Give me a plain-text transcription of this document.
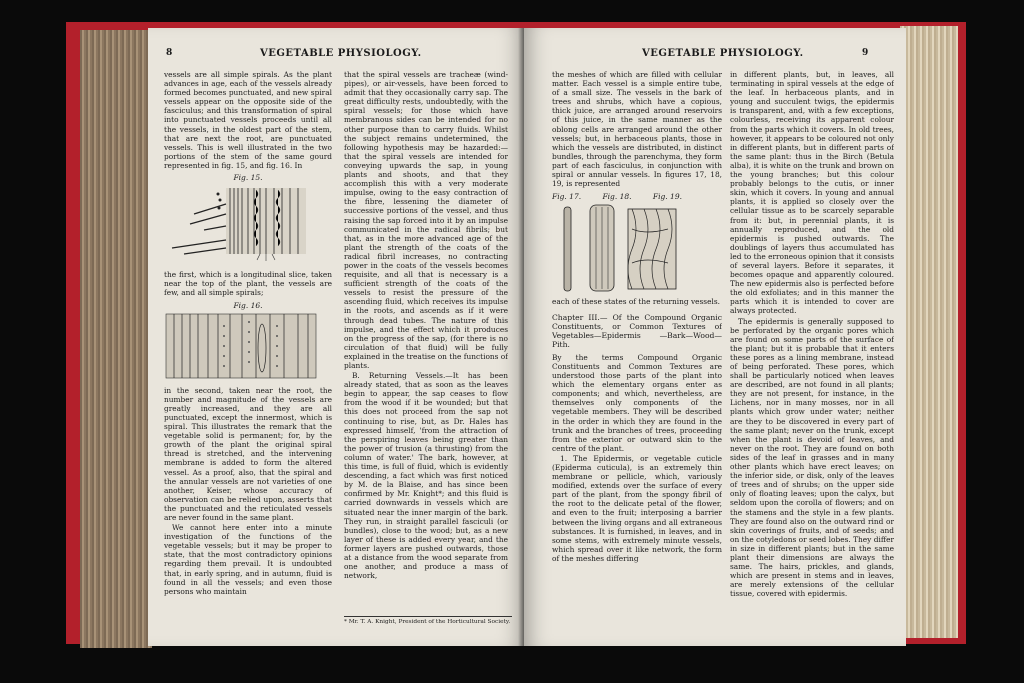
8	VEGETABLE PHYSIOLOGY.

vessels are all simple spirals. As the plant advances in age, each of the vessels already formed becomes punctuated, and new spiral vessels appear on the opposite side of the fasciculus; and this transformation of spiral into punctuated vessels proceeds until all the vessels, in the oldest part of the stem, that are next the root, are punctuated vessels. This is well illustrated in the two portions of the stem of the same gourd represented in fig. 15, and fig. 16. In

Fig. 15.

the first, which is a longitudinal slice, taken near the top of the plant, the vessels are few, and all simple spirals;

Fig. 16.

in the second, taken near the root, the number and magnitude of the vessels are greatly increased, and they are all punctuated, except the innermost, which is spiral. This illustrates the remark that the vegetable solid is permanent; for, by the growth of the plant the original spiral thread is stretched, and the intervening membrane is added to form the altered vessel. As a proof, also, that the spiral and the annular vessels are not varieties of one another, Keiser, whose accuracy of observation can be relied upon, asserts that the punctuated and the reticulated vessels are never found in the same plant.

We cannot here enter into a minute investigation of the functions of the vegetable vessels; but it may be proper to state, that the most contradictory opinions regarding them prevail. It is undoubted that, in early spring, and in autumn, fluid is found in all the vessels; and even those persons who maintain

that the spiral vessels are tracheæ (wind-pipes), or air-vessels, have been forced to admit that they occasionally carry sap. The great difficulty rests, undoubtedly, with the spiral vessels; for those which have membranous sides can be intended for no other purpose than to carry fluids. Whilst the subject remains undetermined, the following hypothesis may be hazarded:—that the spiral vessels are intended for conveying upwards the sap, in young plants and shoots, and that they accomplish this with a very moderate impulse, owing to the easy contraction of the fibre, lessening the diameter of successive portions of the vessel, and thus raising the sap forced into it by an impulse communicated in the radical fibrils; but that, as in the more advanced age of the plant the strength of the coats of the radical fibril increases, no contracting power in the coats of the vessels becomes requisite, and all that is necessary is a sufficient strength of the coats of the vessels to resist the pressure of the ascending fluid, which receives its impulse in the roots, and ascends as if it were through dead tubes. The nature of this impulse, and the effect which it produces on the progress of the sap, (for there is no circulation of that fluid) will be fully explained in the treatise on the functions of plants.

B. Returning Vessels.—It has been already stated, that as soon as the leaves begin to appear, the sap ceases to flow from the wood if it be wounded; but that this does not proceed from the sap not continuing to rise, but, as Dr. Hales has expressed himself, 'from the attraction of the perspiring leaves being greater than the power of trusion (a thrusting) from the column of water.' The bark, however, at this time, is full of fluid, which is evidently descending, a fact which was first noticed by M. de la Blaise, and has since been confirmed by Mr. Knight*; and this fluid is carried downwards in vessels which are situated near the inner margin of the bark. They run, in straight parallel fasciculi (or bundles), close to the wood; but, as a new layer of these is added every year, and the former layers are pushed outwards, those at a distance from the wood separate from one another, and produce a mass of network,

* Mr. T. A. Knight, President of the Horticultural Society.
VEGETABLE PHYSIOLOGY.	9

the meshes of which are filled with cellular matter. Each vessel is a simple entire tube, of a small size. The vessels in the bark of trees and shrubs, which have a copious, thick juice, are arranged around reservoirs of this juice, in the same manner as the oblong cells are arranged around the other vessels; but, in herbaceous plants, those in which the vessels are distributed, in distinct bundles, through the parenchyma, they form part of each fasciculus, in conjunction with spiral or annular vessels. In figures 17, 18, 19, is represented

Fig. 17.	Fig. 18.	Fig. 19.

each of these states of the returning vessels.

Chapter III.— Of the Compound Organic Constituents, or Common Textures of Vegetables—Epidermis —Bark—Wood—Pith.

By the terms Compound Organic Constituents and Common Textures are understood those parts of the plant into which the elementary organs enter as components; and which, nevertheless, are themselves only components of the vegetable members. They will be described in the order in which they are found in the trunk and the branches of trees, proceeding from the exterior or outward skin to the centre of the plant.

1. The Epidermis, or vegetable cuticle (Epiderma cuticula), is an extremely thin membrane or pellicle, which, variously modified, extends over the surface of every part of the plant, from the spongy fibril of the root to the delicate petal of the flower, and even to the fruit; interposing a barrier between the living organs and all extraneous substances. It is furnished, in leaves, and in some stems, with extremely minute vessels, which spread over it like network, the form of the meshes differing

in different plants, but, in leaves, all terminating in spiral vessels at the edge of the leaf. In herbaceous plants, and in young and succulent twigs, the epidermis is transparent, and, with a few exceptions, colourless, receiving its apparent colour from the parts which it covers. In old trees, however, it appears to be coloured not only in different plants, but in different parts of the same plant: thus in the Birch (Betula alba), it is white on the trunk and brown on the young branches; but this colour probably belongs to the cutis, or inner skin, which it covers. In young and annual plants, it is applied so closely over the cellular tissue as to be scarcely separable from it: but, in perennial plants, it is annually reproduced, and the old epidermis is pushed outwards. The doublings of layers thus accumulated has led to the erroneous opinion that it consists of several layers. Before it separates, it becomes opaque and apparently coloured. The new epidermis also is perfected before the old exfoliates; and in this manner the parts which it is intended to cover are always protected.

The epidermis is generally supposed to be perforated by the organic pores which are found on some parts of the surface of the plant; but it is probable that it enters these pores as a lining membrane, instead of being perforated. These pores, which shall be particularly noticed when leaves are described, are not found in all plants; they are not present, for instance, in the Lichens, nor in many mosses, nor in all plants which grow under water; neither are they to be discovered in every part of the same plant; never on the trunk, except when the plant is devoid of leaves, and never on the root. They are found on both sides of the leaf in grasses and in many other plants which have erect leaves; on the inferior side, or disk, only of the leaves of trees and of shrubs; on the upper side only of floating leaves; upon the calyx, but seldom upon the corolla of flowers; and on the stamens and the style in a few plants. They are found also on the outward rind or skin coverings of fruits, and of seeds; and on the cotyledons or seed lobes. They differ in size in different plants; but in the same plant their dimensions are always the same. The hairs, prickles, and glands, which are present in stems and in leaves, are merely extensions of the cellular tissue, covered with epidermis.
